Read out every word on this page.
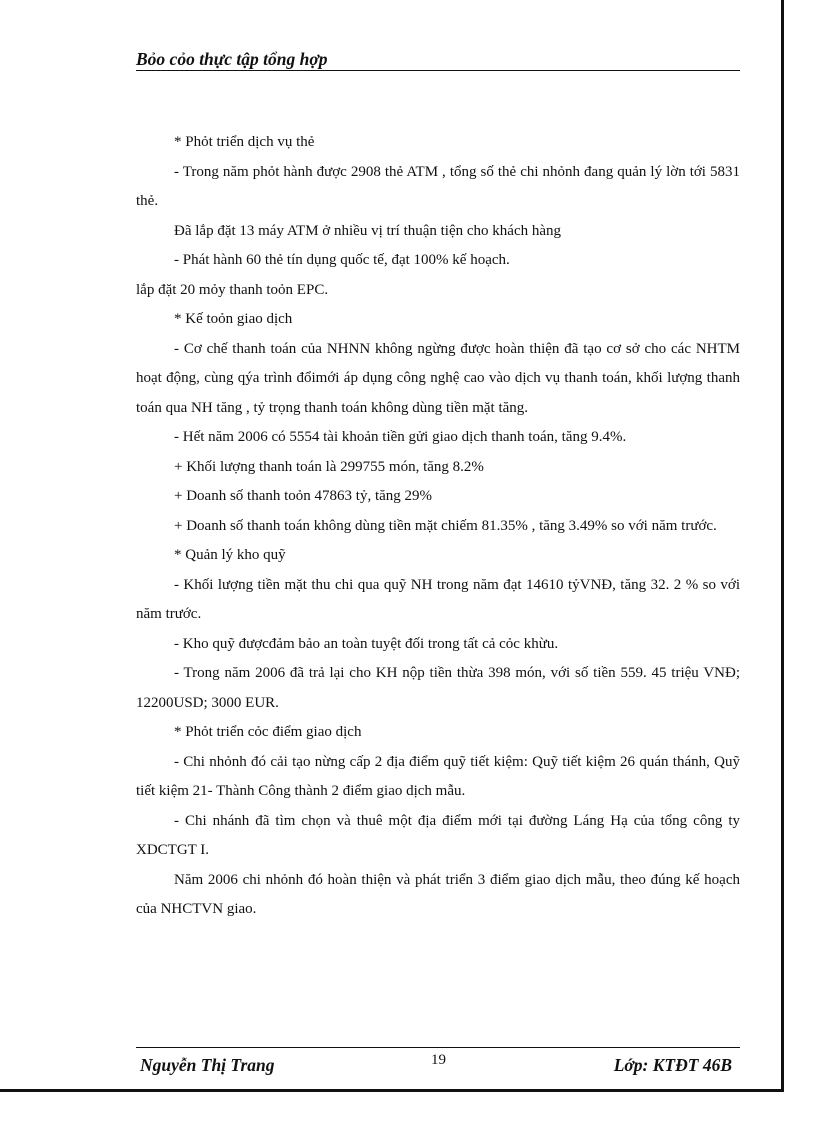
Bỏo cỏo thực tập tổng hợp

* Phỏt triển dịch vụ thẻ

- Trong năm phỏt hành được 2908 thẻ ATM , tổng số thẻ chi nhỏnh đang quản lý lờn tới 5831 thẻ.

Đã lắp đặt 13 máy ATM ở nhiều vị trí thuận tiện cho khách hàng

- Phát hành 60 thẻ tín dụng quốc tế, đạt 100% kế hoạch.

lắp đặt 20 mỏy thanh toỏn EPC.

* Kế toỏn giao dịch

- Cơ chế thanh toán của NHNN không ngừng được hoàn thiện đã tạo cơ sở cho các NHTM hoạt động, cùng qýa trình đổimới áp dụng công nghệ cao vào dịch vụ thanh toán, khối lượng thanh toán qua NH tăng , tỷ trọng thanh toán không dùng tiền mặt tăng.

- Hết năm 2006 có 5554 tài khoản tiền gửi giao dịch thanh toán, tăng 9.4%.

+ Khối lượng thanh toán là 299755 món, tăng 8.2%

+ Doanh số thanh toỏn 47863 tỷ, tăng 29%

+ Doanh số thanh toán không dùng tiền mặt chiếm 81.35% , tăng 3.49% so với năm trước.

* Quản lý kho quỹ

- Khối lượng tiền mặt thu chi qua quỹ NH trong năm đạt 14610 tỷVNĐ, tăng 32. 2 % so với năm trước.

- Kho quỹ đượcđảm bảo an toàn tuyệt đối trong tất cả cỏc khừu.

- Trong năm 2006 đã trả lại cho KH nộp tiền thừa 398 món, với số tiền 559. 45 triệu VNĐ; 12200USD; 3000 EUR.

* Phỏt triển cỏc điểm giao dịch

- Chi nhỏnh đó cải tạo nừng cấp 2 địa điểm quỹ tiết kiệm: Quỹ tiết kiệm 26 quán thánh, Quỹ tiết kiệm 21- Thành Công thành 2 điểm giao dịch mẫu.

- Chi nhánh đã tìm chọn và thuê một địa điểm mới tại đường Láng Hạ của tổng công ty XDCTGT I.

Năm 2006 chi nhỏnh đó hoàn thiện và phát triển 3 điểm giao dịch mẫu, theo đúng kế hoạch của NHCTVN giao.

Nguyễn Thị Trang	19	Lớp: KTĐT 46B
